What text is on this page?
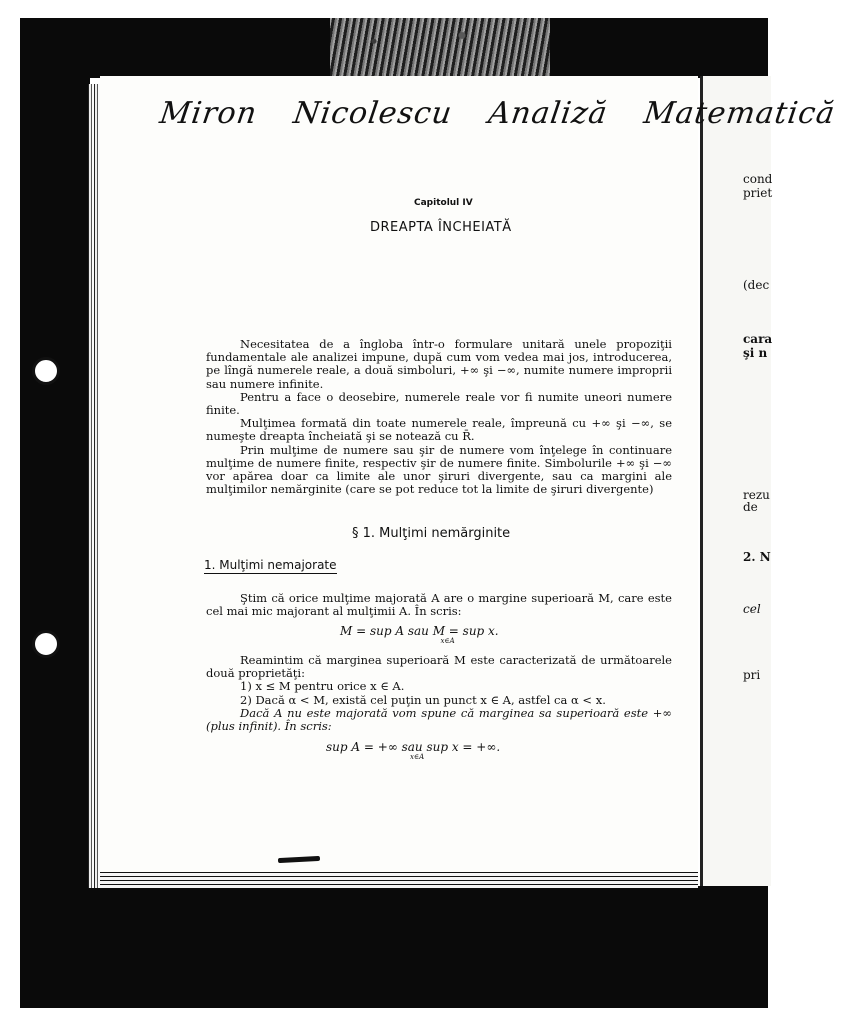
cond
priet
(dec
cara
şi n
rezu
de
2. N
cel
pri
Miron Nicolescu Analiză Matematică
Capitolul IV
DREAPTA ÎNCHEIATĂ

Necesitatea de a îngloba într-o formulare unitară unele propoziţii fundamentale ale analizei impune, după cum vom vedea mai jos, introducerea, pe lîngă numerele reale, a două simboluri, +∞ şi −∞, numite numere improprii sau numere infinite.

Pentru a face o deosebire, numerele reale vor fi numite uneori numere finite.

Mulţimea formată din toate numerele reale, împreună cu +∞ şi −∞, se numeşte dreapta încheiată şi se notează cu R̄.

Prin mulţime de numere sau şir de numere vom înţelege în continuare mulţime de numere finite, respectiv şir de numere finite. Simbolurile +∞ şi −∞ vor apărea doar ca limite ale unor şiruri divergente, sau ca margini ale mulţimilor nemărginite (care se pot reduce tot la limite de şiruri divergente)

§ 1. Mulţimi nemărginite
1. Mulţimi nemajorate

Ştim că orice mulţime majorată A are o margine superioară M, care este cel mai mic majorant al mulţimii A. În scris:

M = sup A sau M = sup x. $_{x\in A}$

Reamintim că marginea superioară M este caracterizată de următoarele două proprietăţi:

1) x ≤ M pentru orice x ∈ A.

2) Dacă α < M, există cel puţin un punct x ∈ A, astfel ca α < x.

Dacă A nu este majorată vom spune că marginea sa superioară este +∞ (plus infinit). În scris:

sup A = +∞ sau sup x = +∞. $_{x\in A}$
